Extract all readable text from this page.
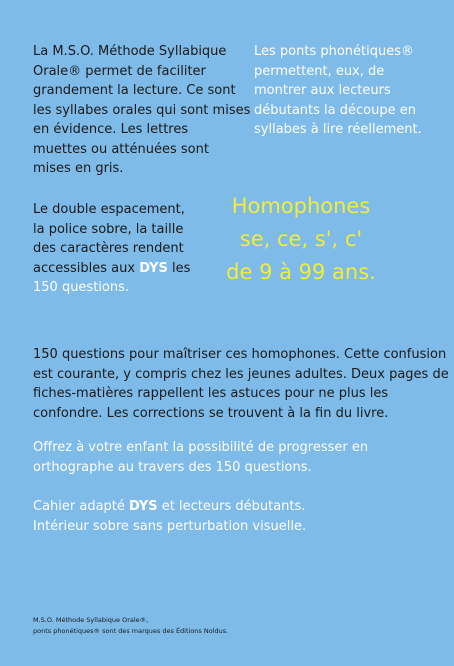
La M.S.O. Méthode Syllabique
Orale® permet de faciliter
grandement la lecture. Ce sont
les syllabes orales qui sont mises
en évidence. Les lettres
muettes ou atténuées sont
mises en gris.
Les ponts phonétiques®
permettent, eux, de
montrer aux lecteurs
débutants la découpe en
syllabes à lire réellement.
Le double espacement,
la police sobre, la taille
des caractères rendent
accessibles aux DYS les
150 questions.
Homophones
se, ce, s', c'
de 9 à 99 ans.
150 questions pour maîtriser ces homophones. Cette confusion
est courante, y compris chez les jeunes adultes. Deux pages de
fiches-matières rappellent les astuces pour ne plus les
confondre. Les corrections se trouvent à la fin du livre.
Offrez à votre enfant la possibilité de progresser en
orthographe au travers des 150 questions.
Cahier adapté DYS et lecteurs débutants.
Intérieur sobre sans perturbation visuelle.
M.S.O. Méthode Syllabique Orale®,
ponts phonétiques® sont des marques des Éditions Noldus.
